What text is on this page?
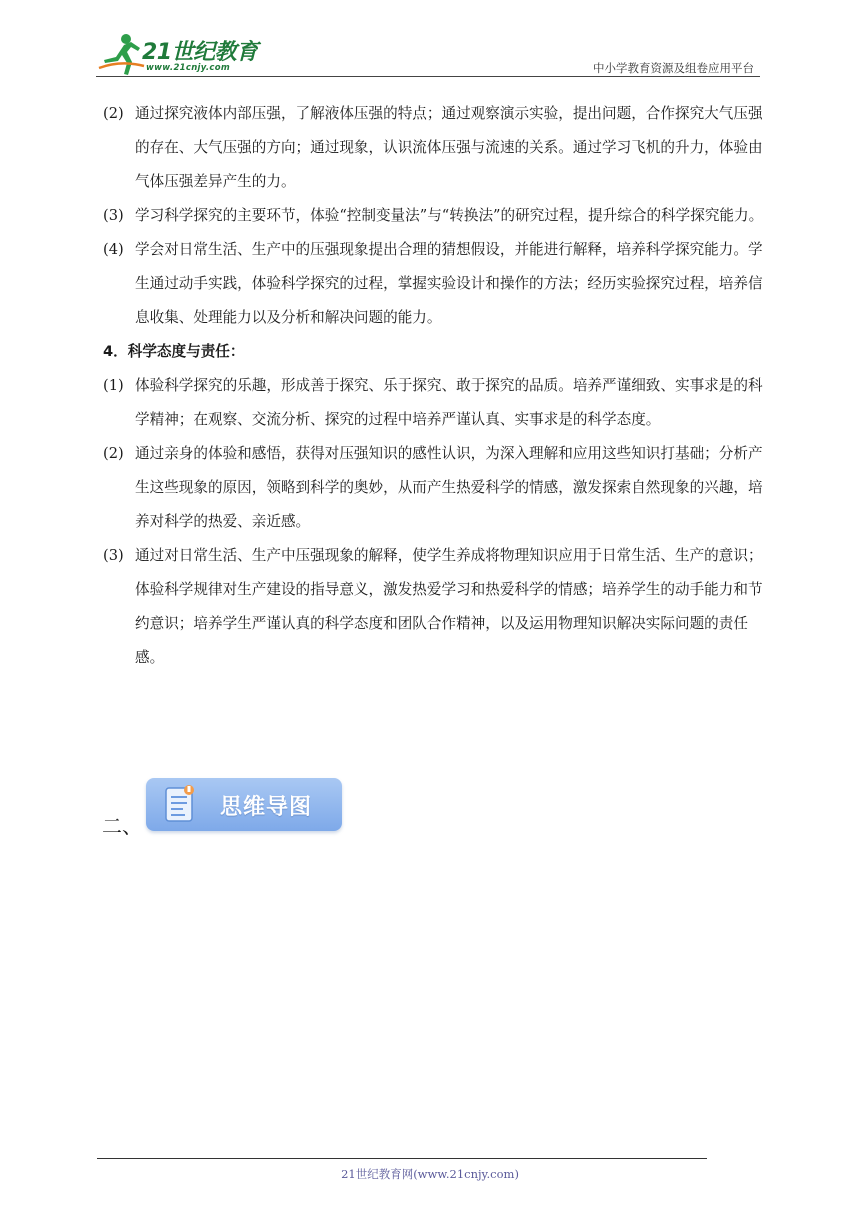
21世纪教育
www.21cnjy.com	中小学教育资源及组卷应用平台

(2) 通过探究液体内部压强，了解液体压强的特点；通过观察演示实验，提出问题，合作探究大气压强的存在、大气压强的方向；通过现象，认识流体压强与流速的关系。通过学习飞机的升力，体验由气体压强差异产生的力。

(3) 学习科学探究的主要环节，体验“控制变量法”与“转换法”的研究过程，提升综合的科学探究能力。

(4) 学会对日常生活、生产中的压强现象提出合理的猜想假设，并能进行解释，培养科学探究能力。学生通过动手实践，体验科学探究的过程，掌握实验设计和操作的方法；经历实验探究过程，培养信息收集、处理能力以及分析和解决问题的能力。

4．科学态度与责任：

(1) 体验科学探究的乐趣，形成善于探究、乐于探究、敢于探究的品质。培养严谨细致、实事求是的科学精神；在观察、交流分析、探究的过程中培养严谨认真、实事求是的科学态度。

(2) 通过亲身的体验和感悟，获得对压强知识的感性认识，为深入理解和应用这些知识打基础；分析产生这些现象的原因，领略到科学的奥妙，从而产生热爱科学的情感，激发探索自然现象的兴趣，培养对科学的热爱、亲近感。

(3) 通过对日常生活、生产中压强现象的解释，使学生养成将物理知识应用于日常生活、生产的意识；体验科学规律对生产建设的指导意义，激发热爱学习和热爱科学的情感；培养学生的动手能力和节约意识；培养学生严谨认真的科学态度和团队合作精神，以及运用物理知识解决实际问题的责任感。

二、
思维导图
21世纪教育网(www.21cnjy.com)
